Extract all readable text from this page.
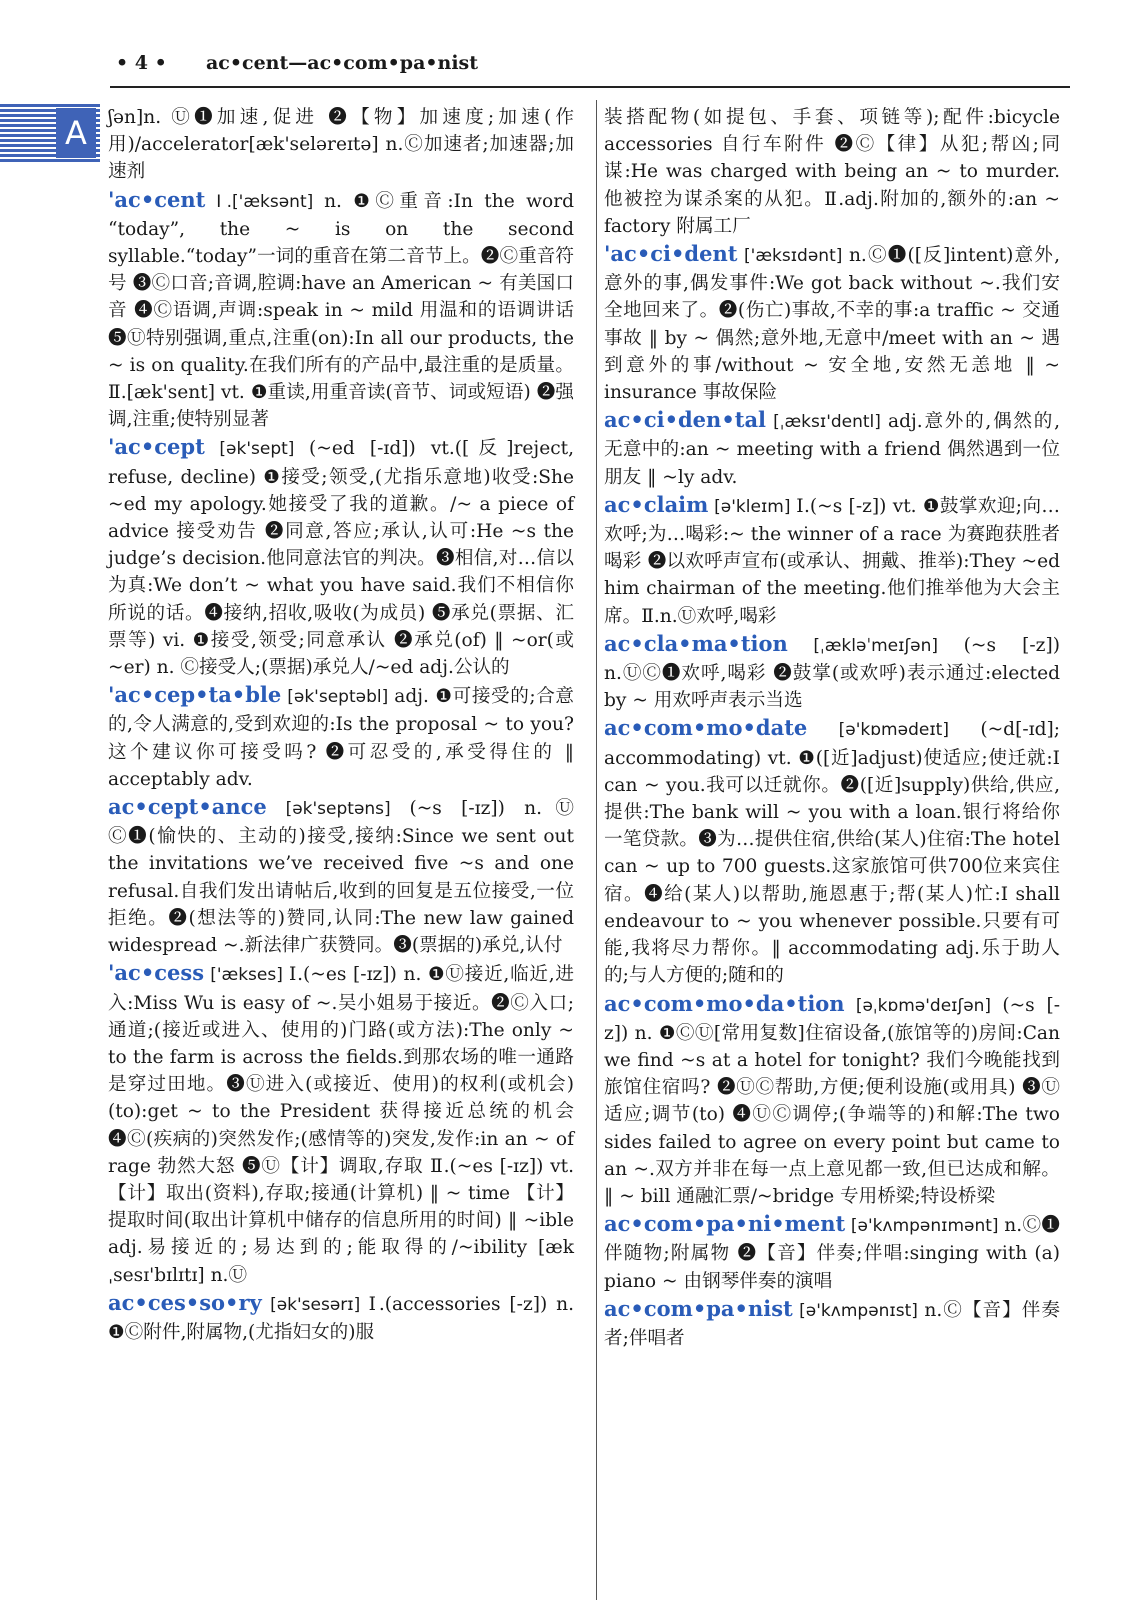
• 4 • ac•cent—ac•com•pa•nist
A	ʃən]n. Ⓤ❶加速,促进 ❷【物】加速度;加速(作用)/accelerator[æk'seləreɪtə] n.Ⓒ加速者;加速器;加速剂

'ac•cent Ⅰ.['æksənt] n. ❶Ⓒ重音:In the word “today”, the ~ is on the second syllable.“today”一词的重音在第二音节上。❷Ⓒ重音符号 ❸Ⓒ口音;音调,腔调:have an American ~ 有美国口音 ❹Ⓒ语调,声调:speak in ~ mild 用温和的语调讲话 ❺Ⓤ特别强调,重点,注重(on):In all our products, the ~ is on quality.在我们所有的产品中,最注重的是质量。Ⅱ.[æk'sent] vt. ❶重读,用重音读(音节、词或短语) ❷强调,注重;使特别显著

'ac•cept [ək'sept] (~ed [-ɪd]) vt.([反]reject, refuse, decline) ❶接受;领受,(尤指乐意地)收受:She ~ed my apology.她接受了我的道歉。/~ a piece of advice 接受劝告 ❷同意,答应;承认,认可:He ~s the judge’s decision.他同意法官的判决。❸相信,对…信以为真:We don’t ~ what you have said.我们不相信你所说的话。❹接纳,招收,吸收(为成员) ❺承兑(票据、汇票等) vi. ❶接受,领受;同意承认 ❷承兑(of) ‖ ~or(或 ~er) n. Ⓒ接受人;(票据)承兑人/~ed adj.公认的

'ac•cep•ta•ble [ək'septəbl] adj. ❶可接受的;合意的,令人满意的,受到欢迎的:Is the proposal ~ to you? 这个建议你可接受吗? ❷可忍受的,承受得住的 ‖ acceptably adv.

ac•cept•ance [ək'septəns] (~s [-ɪz]) n.Ⓤ Ⓒ❶(愉快的、主动的)接受,接纳:Since we sent out the invitations we’ve received five ~s and one refusal.自我们发出请帖后,收到的回复是五位接受,一位拒绝。❷(想法等的)赞同,认同:The new law gained widespread ~.新法律广获赞同。❸(票据的)承兑,认付

'ac•cess ['ækses] Ⅰ.(~es [-ɪz]) n. ❶Ⓤ接近,临近,进入:Miss Wu is easy of ~.吴小姐易于接近。❷Ⓒ入口;通道;(接近或进入、使用的)门路(或方法):The only ~ to the farm is across the fields.到那农场的唯一通路是穿过田地。❸Ⓤ进入(或接近、使用)的权利(或机会)(to):get ~ to the President 获得接近总统的机会 ❹Ⓒ(疾病的)突然发作;(感情等的)突发,发作:in an ~ of rage 勃然大怒 ❺Ⓤ【计】调取,存取 Ⅱ.(~es [-ɪz]) vt.【计】取出(资料),存取;接通(计算机) ‖ ~ time 【计】提取时间(取出计算机中储存的信息所用的时间) ‖ ~ible adj.易接近的;易达到的;能取得的/~ibility [ækˌsesɪ'bɪlɪtɪ] n.Ⓤ

ac•ces•so•ry [ək'sesərɪ] Ⅰ.(accessories [-z]) n. ❶Ⓒ附件,附属物,(尤指妇女的)服

装搭配物(如提包、手套、项链等);配件:bicycle accessories 自行车附件 ❷Ⓒ【律】从犯;帮凶;同谋:He was charged with being an ~ to murder.他被控为谋杀案的从犯。Ⅱ.adj.附加的,额外的:an ~ factory 附属工厂

'ac•ci•dent ['æksɪdənt] n.Ⓒ❶([反]intent)意外,意外的事,偶发事件:We got back without ~.我们安全地回来了。❷(伤亡)事故,不幸的事:a traffic ~ 交通事故 ‖ by ~ 偶然;意外地,无意中/meet with an ~ 遇到意外的事/without ~ 安全地,安然无恙地 ‖ ~ insurance 事故保险

ac•ci•den•tal [ˌæksɪ'dentl] adj.意外的,偶然的,无意中的:an ~ meeting with a friend 偶然遇到一位朋友 ‖ ~ly adv.

ac•claim [ə'kleɪm] Ⅰ.(~s [-z]) vt. ❶鼓掌欢迎;向…欢呼;为…喝彩:~ the winner of a race 为赛跑获胜者喝彩 ❷以欢呼声宣布(或承认、拥戴、推举):They ~ed him chairman of the meeting.他们推举他为大会主席。Ⅱ.n.Ⓤ欢呼,喝彩

ac•cla•ma•tion [ˌækləˈmeɪʃən] (~s [-z]) n.ⓊⒸ❶欢呼,喝彩 ❷鼓掌(或欢呼)表示通过:elected by ~ 用欢呼声表示当选

ac•com•mo•date [ə'kɒmədeɪt] (~d[-ɪd]; accommodating) vt. ❶([近]adjust)使适应;使迁就:I can ~ you.我可以迁就你。❷([近]supply)供给,供应,提供:The bank will ~ you with a loan.银行将给你一笔贷款。❸为…提供住宿,供给(某人)住宿:The hotel can ~ up to 700 guests.这家旅馆可供700位来宾住宿。❹给(某人)以帮助,施恩惠于;帮(某人)忙:I shall endeavour to ~ you whenever possible.只要有可能,我将尽力帮你。‖ accommodating adj.乐于助人的;与人方便的;随和的

ac•com•mo•da•tion [əˌkɒmə'deɪʃən] (~s [-z]) n. ❶ⒸⓊ[常用复数]住宿设备,(旅馆等的)房间:Can we find ~s at a hotel for tonight? 我们今晚能找到旅馆住宿吗? ❷ⓊⒸ帮助,方便;便利设施(或用具) ❸Ⓤ适应;调节(to) ❹ⓊⒸ调停;(争端等的)和解:The two sides failed to agree on every point but came to an ~.双方并非在每一点上意见都一致,但已达成和解。‖ ~ bill 通融汇票/~bridge 专用桥梁;特设桥梁

ac•com•pa•ni•ment [ə'kʌmpənɪmənt] n.Ⓒ❶伴随物;附属物 ❷【音】伴奏;伴唱:singing with (a) piano ~ 由钢琴伴奏的演唱

ac•com•pa•nist [ə'kʌmpənɪst] n.Ⓒ【音】伴奏者;伴唱者
